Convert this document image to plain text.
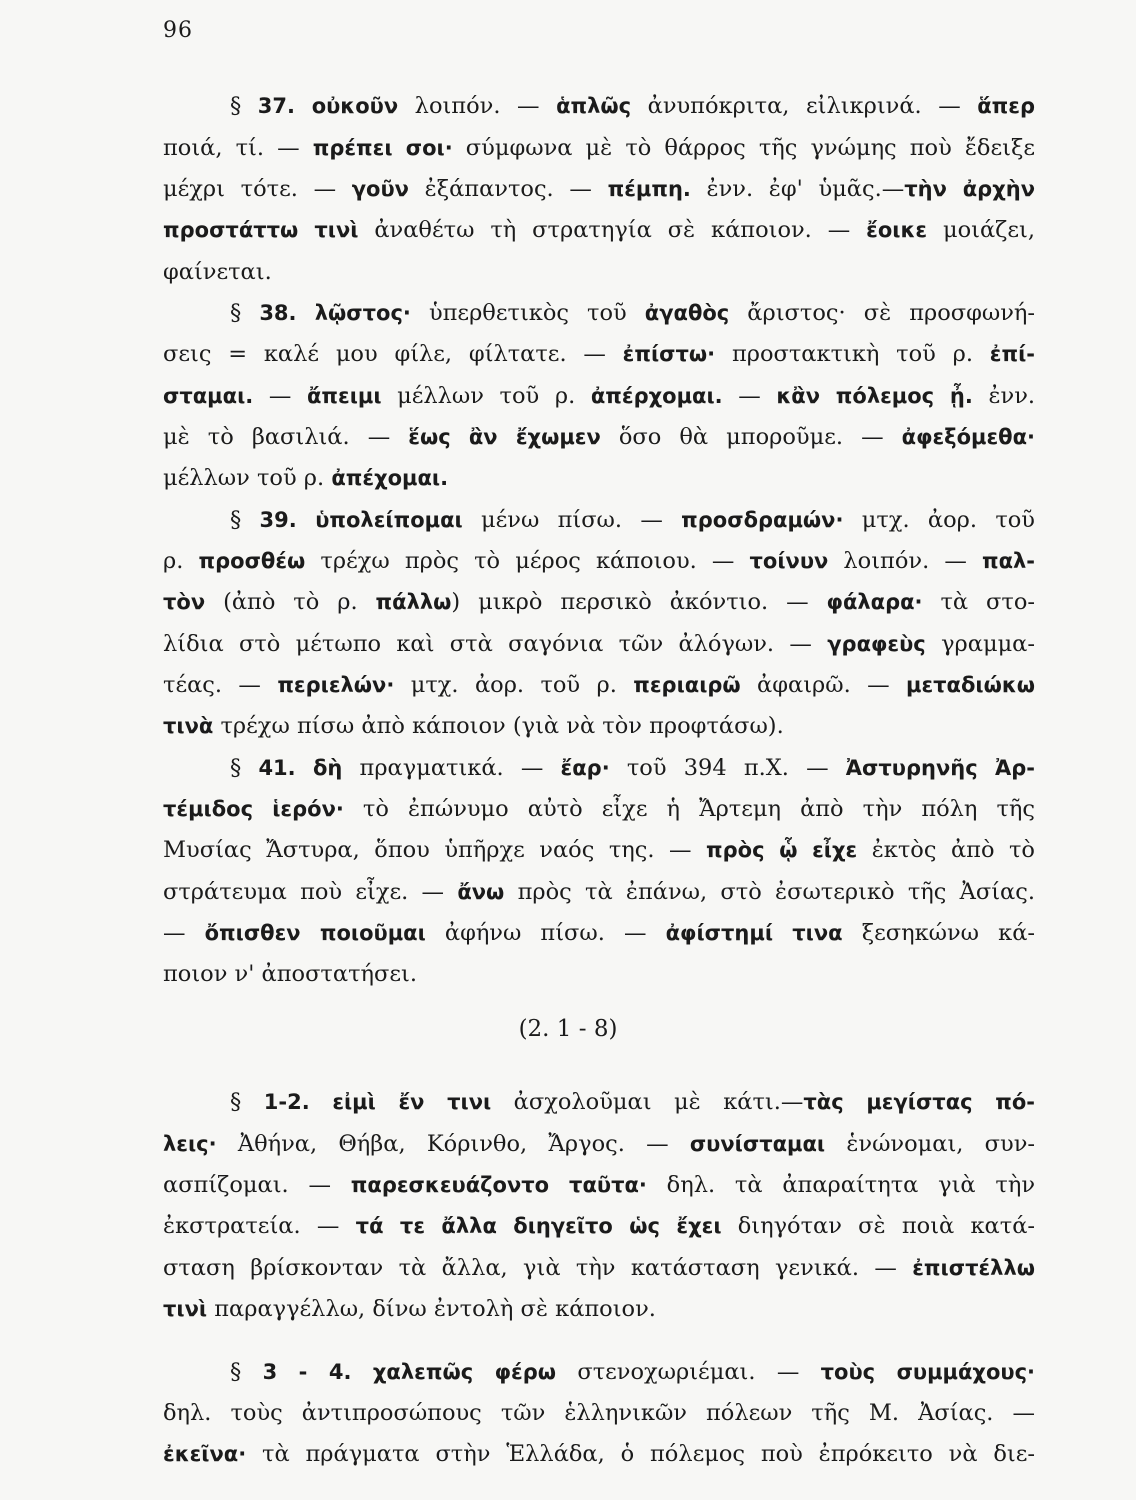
96
§ 37. οὐκοῦν λοιπόν. — ἁπλῶς ἀνυπόκριτα, εἰλικρινά. — ἅπερ
ποιά, τί. — πρέπει σοι· σύμφωνα μὲ τὸ θάρρος τῆς γνώμης ποὺ ἔδειξε
μέχρι τότε. — γοῦν ἐξάπαντος. — πέμπη. ἐνν. ἐφ' ὑμᾶς.—τὴν ἀρχὴν
προστάττω τινὶ ἀναθέτω τὴ στρατηγία σὲ κάποιον. — ἔοικε μοιάζει,
φαίνεται.
§ 38. λῷστος· ὑπερθετικὸς τοῦ ἀγαθὸς ἄριστος· σὲ προσφωνή-
σεις = καλέ μου φίλε, φίλτατε. — ἐπίστω· προστακτικὴ τοῦ ρ. ἐπί-
σταμαι. — ἄπειμι μέλλων τοῦ ρ. ἀπέρχομαι. — κἂν πόλεμος ᾖ. ἐνν.
μὲ τὸ βασιλιά. — ἕως ἂν ἔχωμεν ὅσο θὰ μποροῦμε. — ἀφεξόμεθα·
μέλλων τοῦ ρ. ἀπέχομαι.
§ 39. ὑπολείπομαι μένω πίσω. — προσδραμών· μτχ. ἀορ. τοῦ
ρ. προσθέω τρέχω πρὸς τὸ μέρος κάποιου. — τοίνυν λοιπόν. — παλ-
τὸν (ἀπὸ τὸ ρ. πάλλω) μικρὸ περσικὸ ἀκόντιο. — φάλαρα· τὰ στο-
λίδια στὸ μέτωπο καὶ στὰ σαγόνια τῶν ἀλόγων. — γραφεὺς γραμμα-
τέας. — περιελών· μτχ. ἀορ. τοῦ ρ. περιαιρῶ ἀφαιρῶ. — μεταδιώκω
τινὰ τρέχω πίσω ἀπὸ κάποιον (γιὰ νὰ τὸν προφτάσω).
§ 41. δὴ πραγματικά. — ἔαρ· τοῦ 394 π.Χ. — Ἀστυρηνῆς Ἀρ-
τέμιδος ἱερόν· τὸ ἐπώνυμο αὐτὸ εἶχε ἡ Ἄρτεμη ἀπὸ τὴν πόλη τῆς
Μυσίας Ἄστυρα, ὅπου ὑπῆρχε ναός της. — πρὸς ᾧ εἶχε ἐκτὸς ἀπὸ τὸ
στράτευμα ποὺ εἶχε. — ἄνω πρὸς τὰ ἐπάνω, στὸ ἐσωτερικὸ τῆς Ἀσίας.
— ὄπισθεν ποιοῦμαι ἀφήνω πίσω. — ἀφίστημί τινα ξεσηκώνω κά-
ποιον ν' ἀποστατήσει.
(2. 1 - 8)
§ 1-2. εἰμὶ ἔν τινι ἀσχολοῦμαι μὲ κάτι.—τὰς μεγίστας πό-
λεις· Ἀθήνα, Θήβα, Κόρινθο, Ἄργος. — συνίσταμαι ἑνώνομαι, συν-
ασπίζομαι. — παρεσκευάζοντο ταῦτα· δηλ. τὰ ἀπαραίτητα γιὰ τὴν
ἐκστρατεία. — τά τε ἄλλα διηγεῖτο ὡς ἔχει διηγόταν σὲ ποιὰ κατά-
σταση βρίσκονταν τὰ ἄλλα, γιὰ τὴν κατάσταση γενικά. — ἐπιστέλλω
τινὶ παραγγέλλω, δίνω ἐντολὴ σὲ κάποιον.
§ 3 - 4. χαλεπῶς φέρω στενοχωριέμαι. — τοὺς συμμάχους·
δηλ. τοὺς ἀντιπροσώπους τῶν ἑλληνικῶν πόλεων τῆς Μ. Ἀσίας. —
ἐκεῖνα· τὰ πράγματα στὴν Ἑλλάδα, ὁ πόλεμος ποὺ ἐπρόκειτο νὰ διε-
